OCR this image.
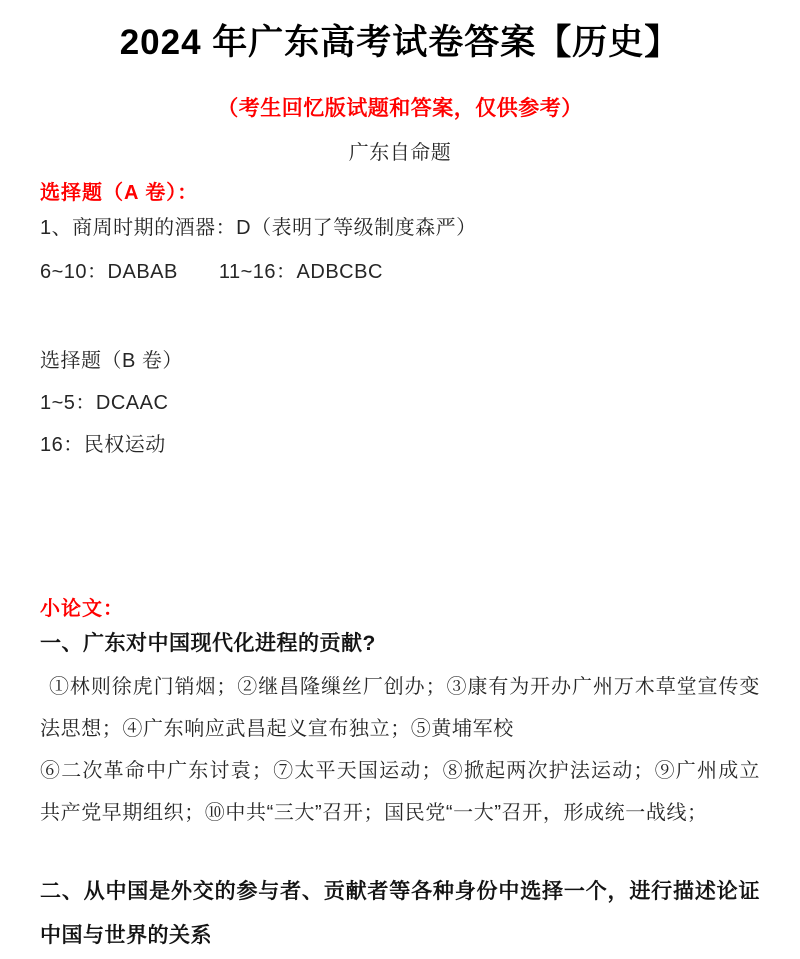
2024 年广东高考试卷答案【历史】
（考生回忆版试题和答案，仅供参考）
广东自命题
选择题（A 卷）：
1、商周时期的酒器：D（表明了等级制度森严）
6~10：DABAB　　11~16：ADBCBC
选择题（B 卷）
1~5：DCAAC
16：民权运动
小论文：
一、广东对中国现代化进程的贡献?

①林则徐虎门销烟；②继昌隆缫丝厂创办；③康有为开办广州万木草堂宣传变法思想；④广东响应武昌起义宣布独立；⑤黄埔军校

⑥二次革命中广东讨袁；⑦太平天国运动；⑧掀起两次护法运动；⑨广州成立共产党早期组织；⑩中共“三大”召开；国民党“一大”召开，形成统一战线；

二、从中国是外交的参与者、贡献者等各种身份中选择一个，进行描述论证中国与世界的关系
